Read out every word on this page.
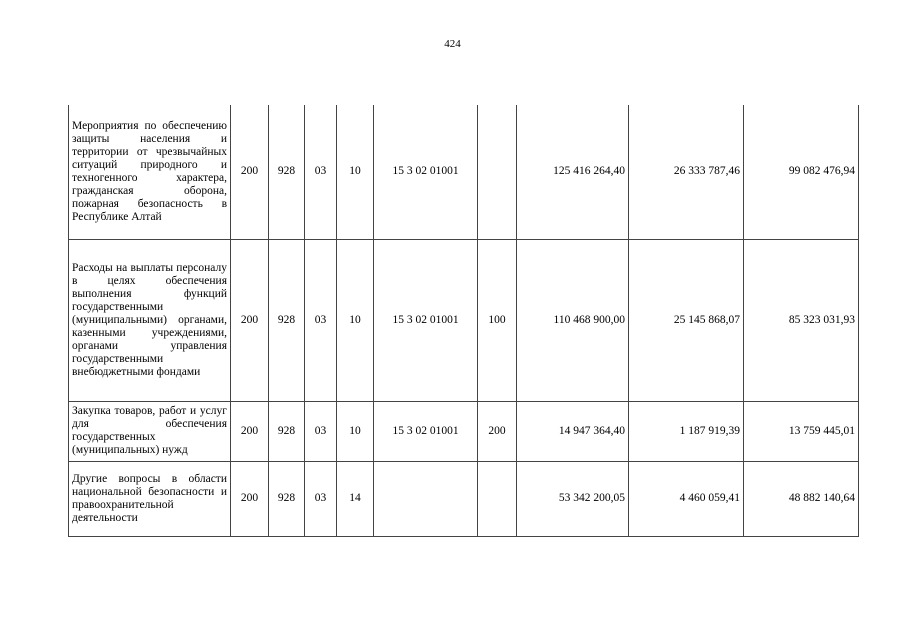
424
Мероприятия по обеспечению защиты населения и территории от чрезвычайных ситуаций природного и техногенного характера, гражданская оборона, пожарная безопасность в Республике Алтай	200	928	03	10	15 3 02 01001		125 416 264,40	26 333 787,46	99 082 476,94
Расходы на выплаты персоналу в целях обеспечения выполнения функций государственными (муниципальными) органами, казенными учреждениями, органами управления государственными внебюджетными фондами	200	928	03	10	15 3 02 01001	100	110 468 900,00	25 145 868,07	85 323 031,93
Закупка товаров, работ и услуг для обеспечения государственных (муниципальных) нужд	200	928	03	10	15 3 02 01001	200	14 947 364,40	1 187 919,39	13 759 445,01
Другие вопросы в области национальной безопасности и правоохранительной деятельности	200	928	03	14			53 342 200,05	4 460 059,41	48 882 140,64
